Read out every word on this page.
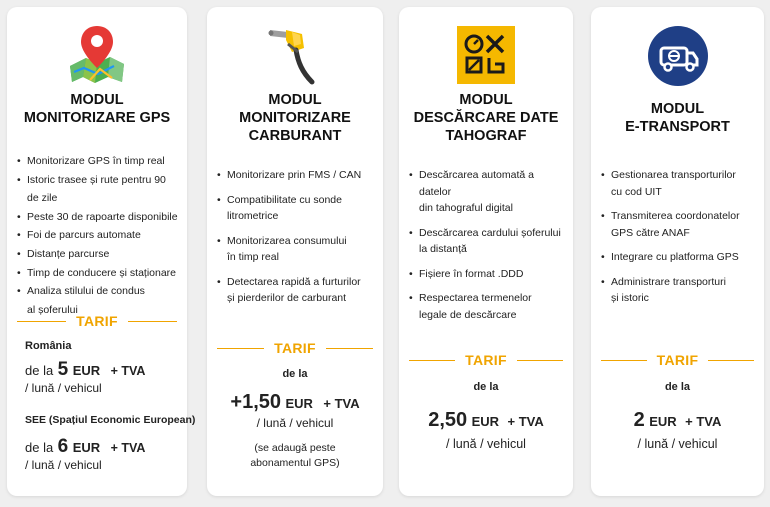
MODUL
MONITORIZARE GPS
• Monitorizare GPS în timp real
• Istoric trasee și rute pentru 90 de zile
• Peste 30 de rapoarte disponibile
• Foi de parcurs automate
• Distanțe parcurse
• Timp de conducere și staționare
• Analiza stilului de condus
al șoferului
TARIF
România
de la 5 EUR + TVA
/ lună / vehicul
SEE (Spațiul Economic European)
de la 6 EUR + TVA
/ lună / vehicul
MODUL
MONITORIZARE
CARBURANT
• Monitorizare prin FMS / CAN
• Compatibilitate cu sonde
litrometrice
• Monitorizarea consumului
în timp real
• Detectarea rapidă a furturilor
și pierderilor de carburant
TARIF
de la
+1,50 EUR + TVA
/ lună / vehicul
(se adaugă peste
abonamentul GPS)
MODUL
DESCĂRCARE DATE
TAHOGRAF
• Descărcarea automată a datelor
din tahograful digital
• Descărcarea cardului șoferului
la distanță
• Fișiere în format .DDD
• Respectarea termenelor
legale de descărcare
TARIF
de la
2,50 EUR + TVA
/ lună / vehicul
MODUL
E-TRANSPORT
• Gestionarea transporturilor
cu cod UIT
• Transmiterea coordonatelor
GPS către ANAF
• Integrare cu platforma GPS
• Administrare transporturi
și istoric
TARIF
de la
2 EUR + TVA
/ lună / vehicul
